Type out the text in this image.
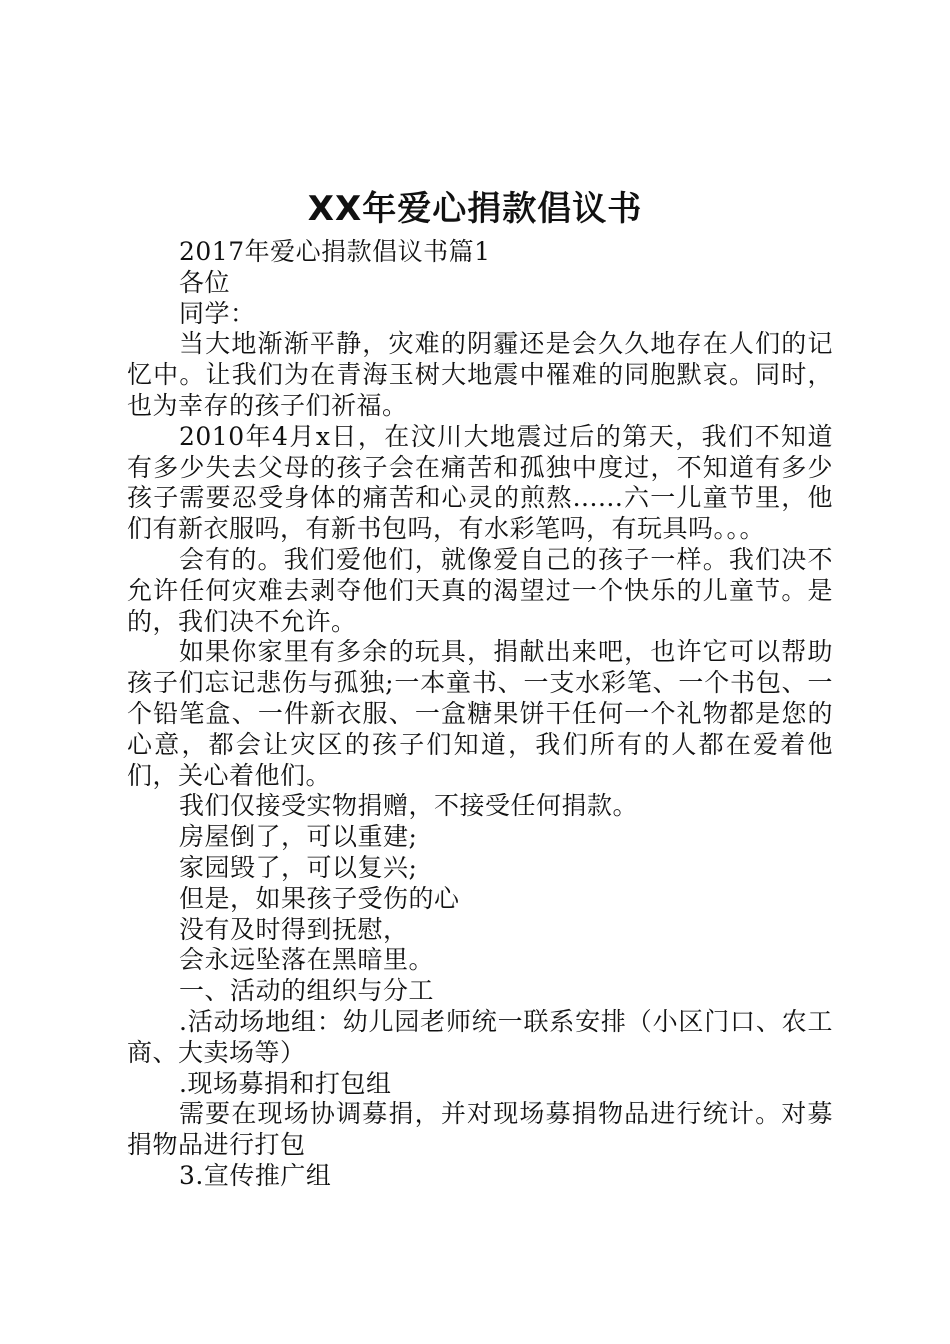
XX年爱心捐款倡议书

2017年爱心捐款倡议书篇1

各位

同学：

当大地渐渐平静，灾难的阴霾还是会久久地存在人们的记忆中。让我们为在青海玉树大地震中罹难的同胞默哀。同时，也为幸存的孩子们祈福。

2010年4月x日，在汶川大地震过后的第天，我们不知道有多少失去父母的孩子会在痛苦和孤独中度过，不知道有多少孩子需要忍受身体的痛苦和心灵的煎熬......六一儿童节里，他们有新衣服吗，有新书包吗，有水彩笔吗，有玩具吗。。。

会有的。我们爱他们，就像爱自己的孩子一样。我们决不允许任何灾难去剥夺他们天真的渴望过一个快乐的儿童节。是的，我们决不允许。

如果你家里有多余的玩具，捐献出来吧，也许它可以帮助孩子们忘记悲伤与孤独;一本童书、一支水彩笔、一个书包、一个铅笔盒、一件新衣服、一盒糖果饼干任何一个礼物都是您的心意，都会让灾区的孩子们知道，我们所有的人都在爱着他们，关心着他们。

我们仅接受实物捐赠，不接受任何捐款。

房屋倒了，可以重建;

家园毁了，可以复兴;

但是，如果孩子受伤的心

没有及时得到抚慰，

会永远坠落在黑暗里。

一、活动的组织与分工

.活动场地组：幼儿园老师统一联系安排（小区门口、农工商、大卖场等）

.现场募捐和打包组

需要在现场协调募捐，并对现场募捐物品进行统计。对募捐物品进行打包

3.宣传推广组
